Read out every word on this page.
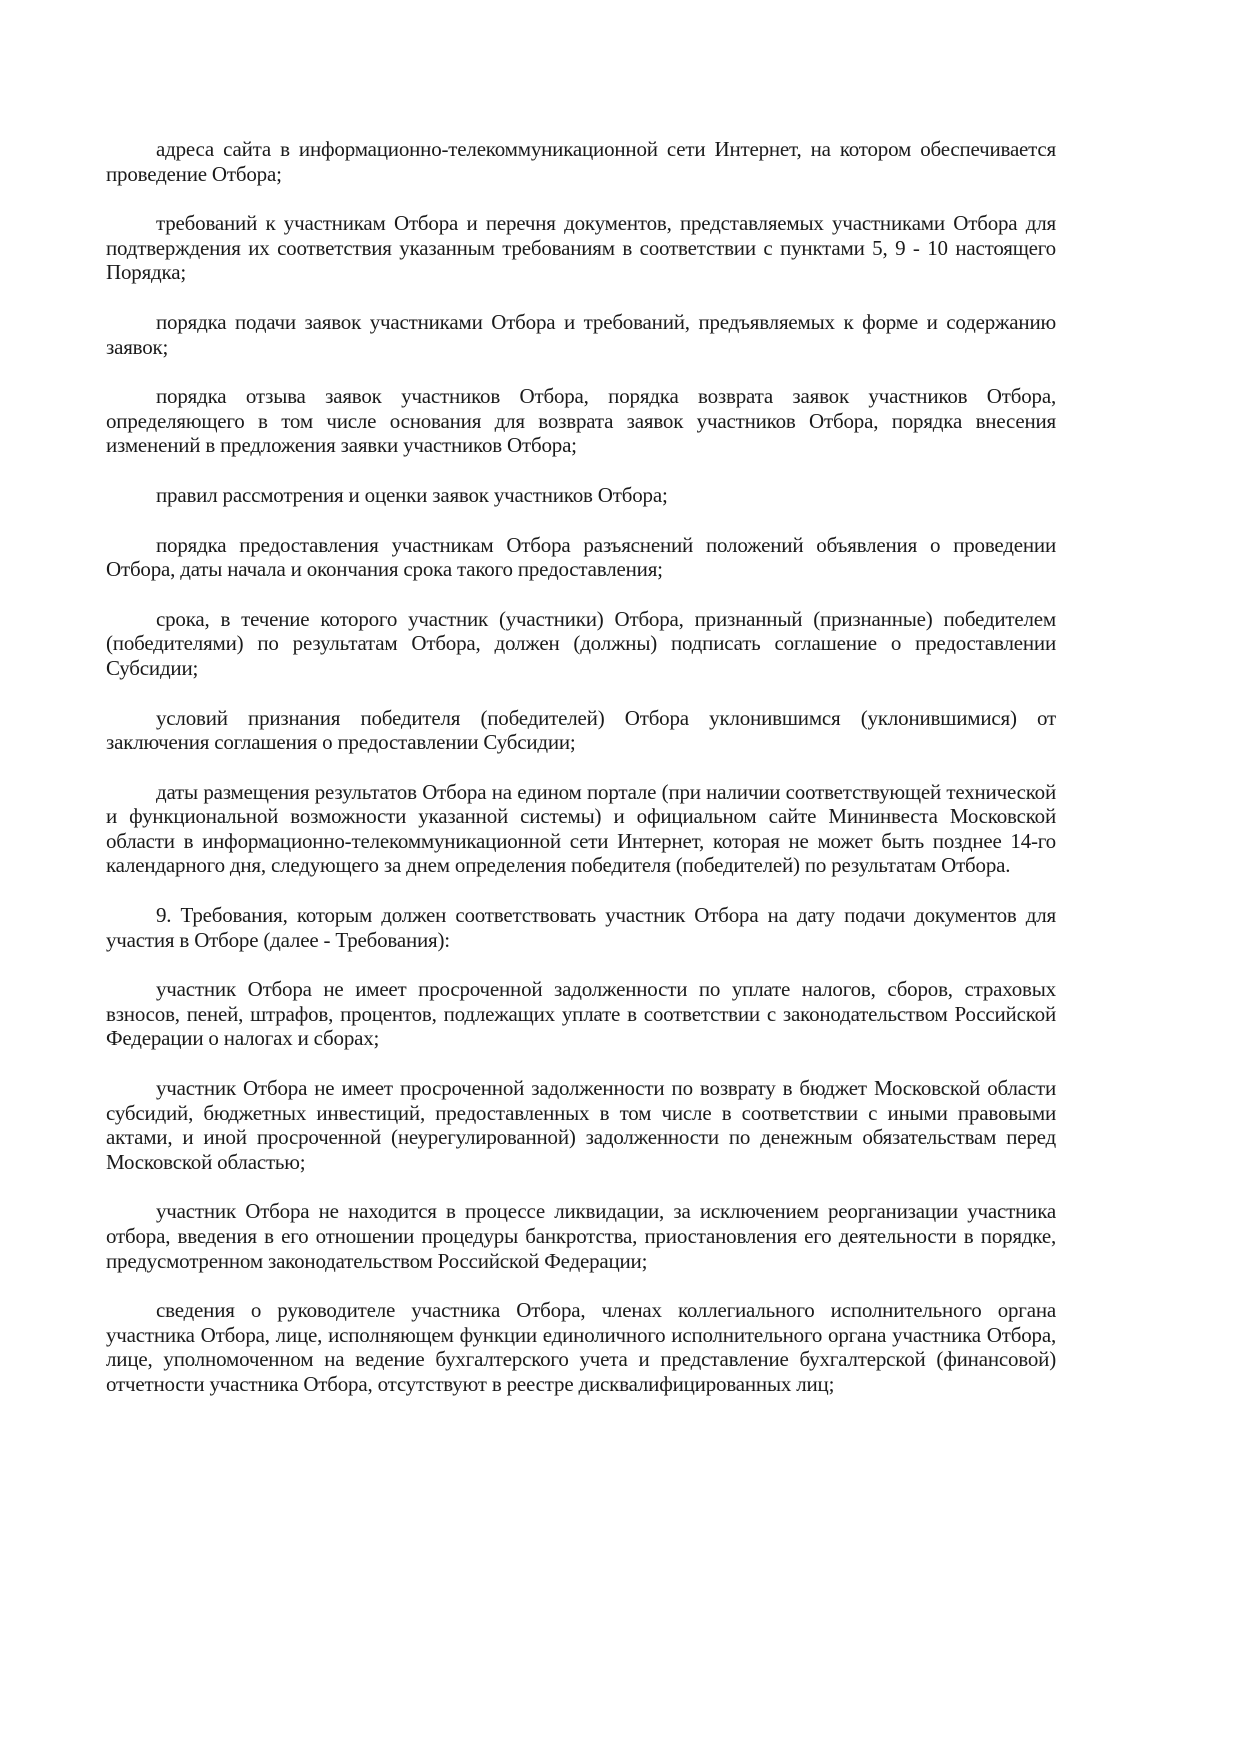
адреса сайта в информационно-телекоммуникационной сети Интернет, на котором обеспечивается проведение Отбора;

требований к участникам Отбора и перечня документов, представляемых участниками Отбора для подтверждения их соответствия указанным требованиям в соответствии с пунктами 5, 9 - 10 настоящего Порядка;

порядка подачи заявок участниками Отбора и требований, предъявляемых к форме и содержанию заявок;

порядка отзыва заявок участников Отбора, порядка возврата заявок участников Отбора, определяющего в том числе основания для возврата заявок участников Отбора, порядка внесения изменений в предложения заявки участников Отбора;

правил рассмотрения и оценки заявок участников Отбора;

порядка предоставления участникам Отбора разъяснений положений объявления о проведении Отбора, даты начала и окончания срока такого предоставления;

срока, в течение которого участник (участники) Отбора, признанный (признанные) победителем (победителями) по результатам Отбора, должен (должны) подписать соглашение о предоставлении Субсидии;

условий признания победителя (победителей) Отбора уклонившимся (уклонившимися) от заключения соглашения о предоставлении Субсидии;

даты размещения результатов Отбора на едином портале (при наличии соответствующей технической и функциональной возможности указанной системы) и официальном сайте Мининвеста Московской области в информационно-телекоммуникационной сети Интернет, которая не может быть позднее 14-го календарного дня, следующего за днем определения победителя (победителей) по результатам Отбора.

9. Требования, которым должен соответствовать участник Отбора на дату подачи документов для участия в Отборе (далее - Требования):

участник Отбора не имеет просроченной задолженности по уплате налогов, сборов, страховых взносов, пеней, штрафов, процентов, подлежащих уплате в соответствии с законодательством Российской Федерации о налогах и сборах;

участник Отбора не имеет просроченной задолженности по возврату в бюджет Московской области субсидий, бюджетных инвестиций, предоставленных в том числе в соответствии с иными правовыми актами, и иной просроченной (неурегулированной) задолженности по денежным обязательствам перед Московской областью;

участник Отбора не находится в процессе ликвидации, за исключением реорганизации участника отбора, введения в его отношении процедуры банкротства, приостановления его деятельности в порядке, предусмотренном законодательством Российской Федерации;

сведения о руководителе участника Отбора, членах коллегиального исполнительного органа участника Отбора, лице, исполняющем функции единоличного исполнительного органа участника Отбора, лице, уполномоченном на ведение бухгалтерского учета и представление бухгалтерской (финансовой) отчетности участника Отбора, отсутствуют в реестре дисквалифицированных лиц;
